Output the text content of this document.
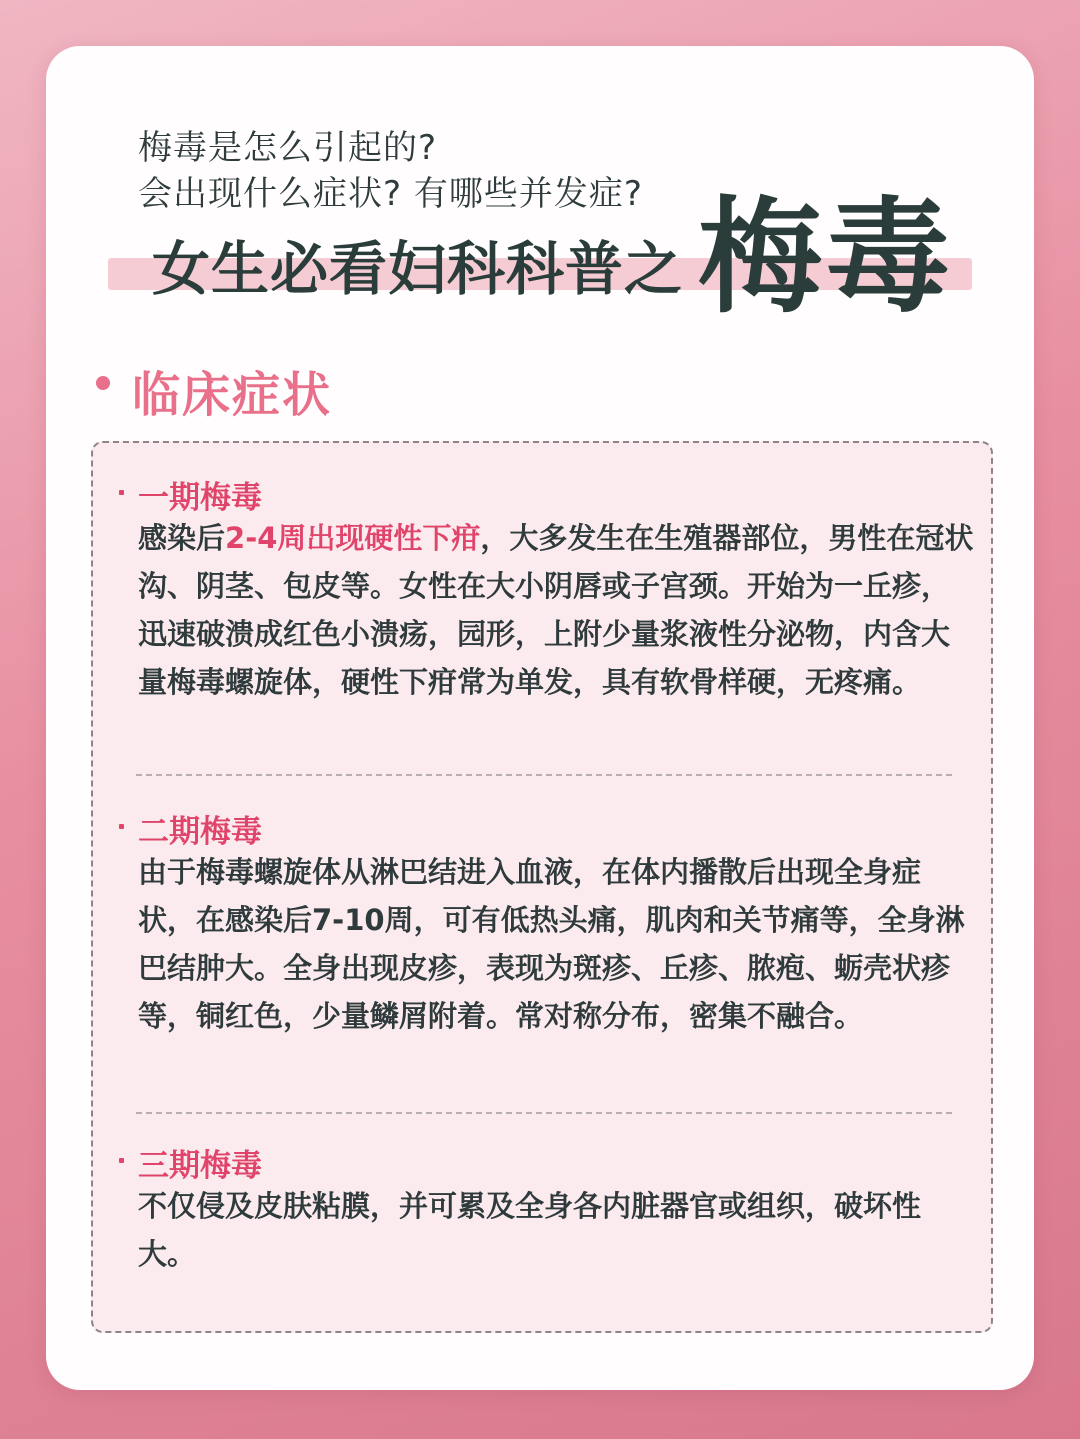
梅毒是怎么引起的?
会出现什么症状? 有哪些并发症?
女生必看妇科科普之 梅毒
临床症状
一期梅毒
感染后2-4周出现硬性下疳，大多发生在生殖器部位，男性在冠状沟、阴茎、包皮等。女性在大小阴唇或子宫颈。开始为一丘疹，迅速破溃成红色小溃疡，园形，上附少量浆液性分泌物，内含大量梅毒螺旋体，硬性下疳常为单发，具有软骨样硬，无疼痛。
二期梅毒
由于梅毒螺旋体从淋巴结进入血液，在体内播散后出现全身症状，在感染后7-10周，可有低热头痛，肌肉和关节痛等，全身淋巴结肿大。全身出现皮疹，表现为斑疹、丘疹、脓疱、蛎壳状疹等，铜红色，少量鳞屑附着。常对称分布，密集不融合。
三期梅毒
不仅侵及皮肤粘膜，并可累及全身各内脏器官或组织，破坏性大。
